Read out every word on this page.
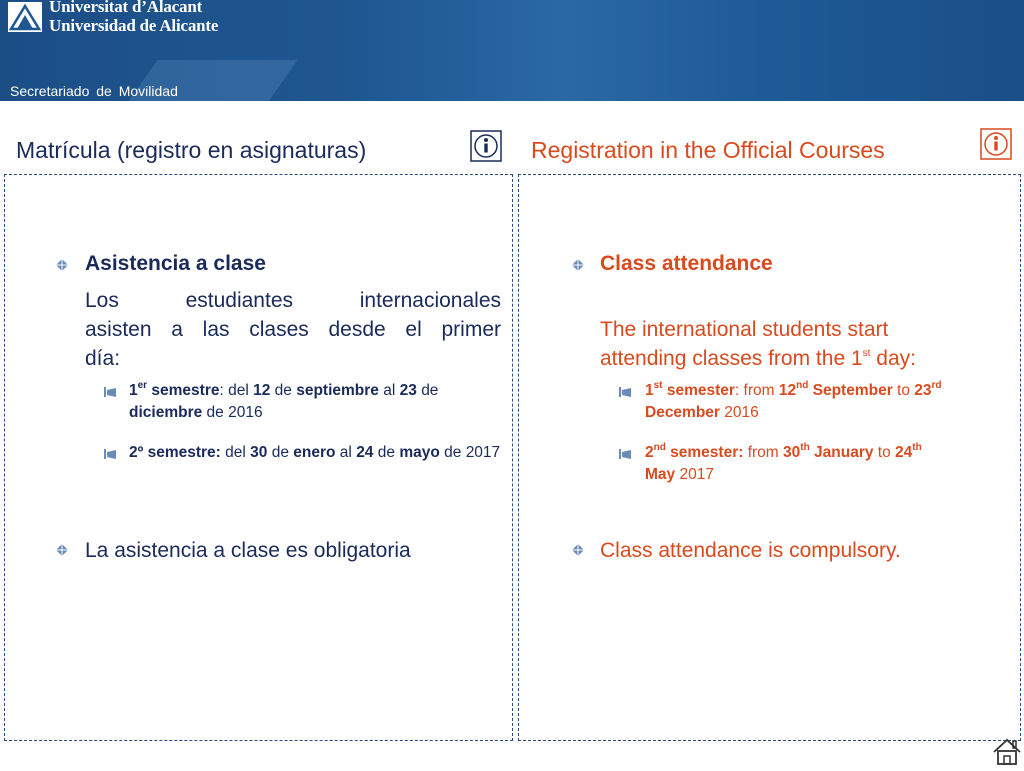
Universitat d’Alacant
Universidad de Alicante
Secretariado de Movilidad
Matrícula (registro en asignaturas)
Asistencia a clase
Los estudiantes internacionales
asisten a las clases desde el primer
día:
1er semestre: del 12 de septiembre al 23 de diciembre de 2016
2º semestre: del 30 de enero al 24 de mayo de 2017
La asistencia a clase es obligatoria
Registration in the Official Courses
Class attendance
The international students start
attending classes from the 1st day:
1st semester: from 12nd September to 23rd
December 2016
2nd semester: from 30th January to 24th
May 2017
Class attendance is compulsory.
